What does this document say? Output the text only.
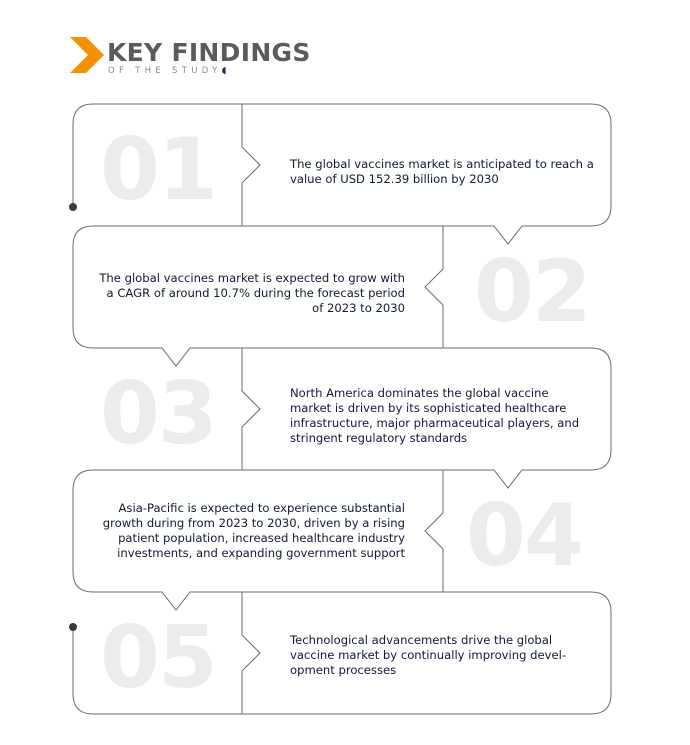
KEY FINDINGS
OF THE STUDY◖
01
02
03
04
05
The global vaccines market is anticipated to reach a value of USD 152.39 billion by 2030
The global vaccines market is expected to grow with a CAGR of around 10.7% during the forecast period of 2023 to 2030
North America dominates the global vaccine market is driven by its sophisticated healthcare infrastructure, major pharmaceutical players, and stringent regulatory standards
Asia-Pacific is expected to experience substantial growth during from 2023 to 2030, driven by a rising patient population, increased healthcare industry investments, and expanding government support
Technological advancements drive the global vaccine market by continually improving devel-opment processes
